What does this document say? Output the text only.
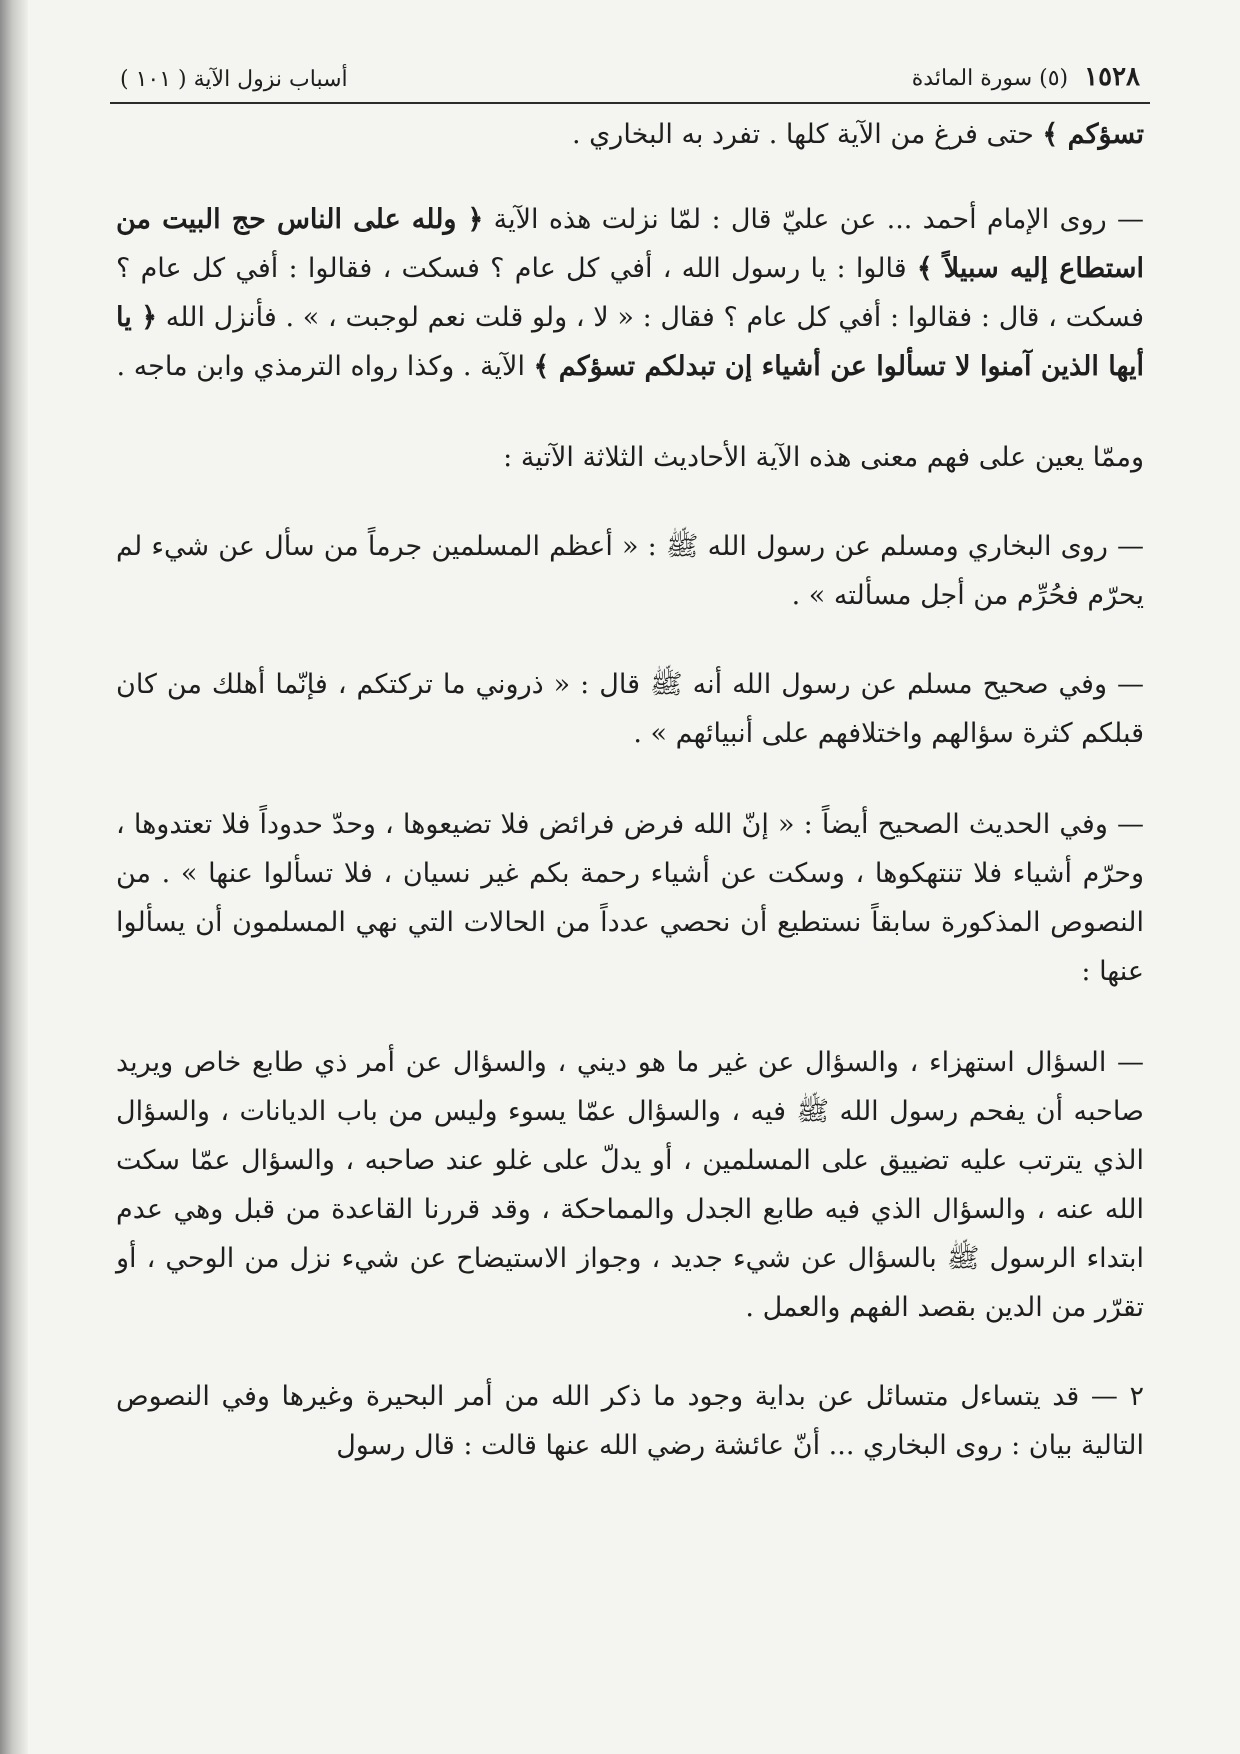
١٥٢٨
(٥) سورة المائدة
أسباب نزول الآية ( ١٠١ )

تسؤكم ﴾ حتى فرغ من الآية كلها . تفرد به البخاري .

— روى الإمام أحمد ... عن عليّ قال : لمّا نزلت هذه الآية ﴿ ولله على الناس حج البيت من استطاع إليه سبيلاً ﴾ قالوا : يا رسول الله ، أفي كل عام ؟ فسكت ، فقالوا : أفي كل عام ؟ فسكت ، قال : فقالوا : أفي كل عام ؟ فقال : « لا ، ولو قلت نعم لوجبت ، » . فأنزل الله ﴿ يا أيها الذين آمنوا لا تسألوا عن أشياء إن تبدلكم تسؤكم ﴾ الآية . وكذا رواه الترمذي وابن ماجه .

وممّا يعين على فهم معنى هذه الآية الأحاديث الثلاثة الآتية :

— روى البخاري ومسلم عن رسول الله ﷺ : « أعظم المسلمين جرماً من سأل عن شيء لم يحرّم فحُرِّم من أجل مسألته » .

— وفي صحيح مسلم عن رسول الله أنه ﷺ قال : « ذروني ما تركتكم ، فإنّما أهلك من كان قبلكم كثرة سؤالهم واختلافهم على أنبيائهم » .

— وفي الحديث الصحيح أيضاً : « إنّ الله فرض فرائض فلا تضيعوها ، وحدّ حدوداً فلا تعتدوها ، وحرّم أشياء فلا تنتهكوها ، وسكت عن أشياء رحمة بكم غير نسيان ، فلا تسألوا عنها » . من النصوص المذكورة سابقاً نستطيع أن نحصي عدداً من الحالات التي نهي المسلمون أن يسألوا عنها :

— السؤال استهزاء ، والسؤال عن غير ما هو ديني ، والسؤال عن أمر ذي طابع خاص ويريد صاحبه أن يفحم رسول الله ﷺ فيه ، والسؤال عمّا يسوء وليس من باب الديانات ، والسؤال الذي يترتب عليه تضييق على المسلمين ، أو يدلّ على غلو عند صاحبه ، والسؤال عمّا سكت الله عنه ، والسؤال الذي فيه طابع الجدل والمماحكة ، وقد قررنا القاعدة من قبل وهي عدم ابتداء الرسول ﷺ بالسؤال عن شيء جديد ، وجواز الاستيضاح عن شيء نزل من الوحي ، أو تقرّر من الدين بقصد الفهم والعمل .

٢ — قد يتساءل متسائل عن بداية وجود ما ذكر الله من أمر البحيرة وغيرها وفي النصوص التالية بيان : روى البخاري ... أنّ عائشة رضي الله عنها قالت : قال رسول
